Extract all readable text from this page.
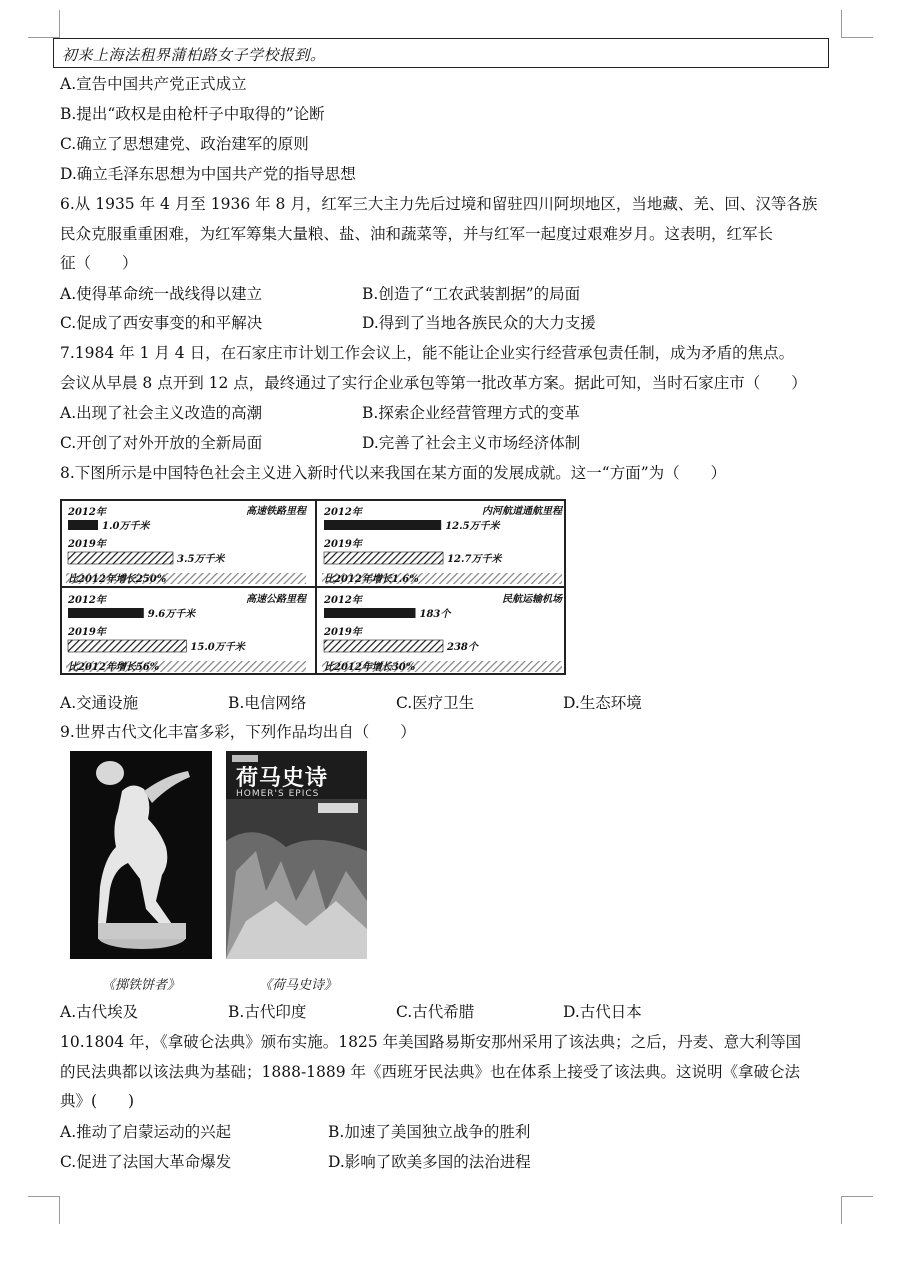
初来上海法租界蒲柏路女子学校报到。
A.宣告中国共产党正式成立
B.提出“政权是由枪杆子中取得的”论断
C.确立了思想建党、政治建军的原则
D.确立毛泽东思想为中国共产党的指导思想
6.从 1935 年 4 月至 1936 年 8 月，红军三大主力先后过境和留驻四川阿坝地区，当地藏、羌、回、汉等各族
民众克服重重困难，为红军筹集大量粮、盐、油和蔬菜等，并与红军一起度过艰难岁月。这表明，红军长
征（　　）
A.使得革命统一战线得以建立	B.创造了“工农武装割据”的局面
C.促成了西安事变的和平解决	D.得到了当地各族民众的大力支援
7.1984 年 1 月 4 日，在石家庄市计划工作会议上，能不能让企业实行经营承包责任制，成为矛盾的焦点。
会议从早晨 8 点开到 12 点，最终通过了实行企业承包等第一批改革方案。据此可知，当时石家庄市（　　）
A.出现了社会主义改造的高潮	B.探索企业经营管理方式的变革
C.开创了对外开放的全新局面	D.完善了社会主义市场经济体制
8.下图所示是中国特色社会主义进入新时代以来我国在某方面的发展成就。这一“方面”为（　　）
高速铁路里程
2012年
1.0万千米
2019年
3.5万千米
比2012年增长250%
内河航道通航里程
2012年
12.5万千米
2019年
12.7万千米
比2012年增长1.6%
高速公路里程
2012年
9.6万千米
2019年
15.0万千米
比2012年增长56%
民航运输机场
2012年
183个
2019年
238个
比2012年增长30%
A.交通设施	B.电信网络	C.医疗卫生	D.生态环境
9.世界古代文化丰富多彩，下列作品均出自（　　）
荷马史诗
HOMER'S EPICS
《掷铁饼者》	《荷马史诗》
A.古代埃及	B.古代印度	C.古代希腊	D.古代日本
10.1804 年，《拿破仑法典》颁布实施。1825 年美国路易斯安那州采用了该法典；之后，丹麦、意大利等国
的民法典都以该法典为基础；1888-1889 年《西班牙民法典》也在体系上接受了该法典。这说明《拿破仑法
典》(　　)
A.推动了启蒙运动的兴起	B.加速了美国独立战争的胜利
C.促进了法国大革命爆发	D.影响了欧美多国的法治进程
